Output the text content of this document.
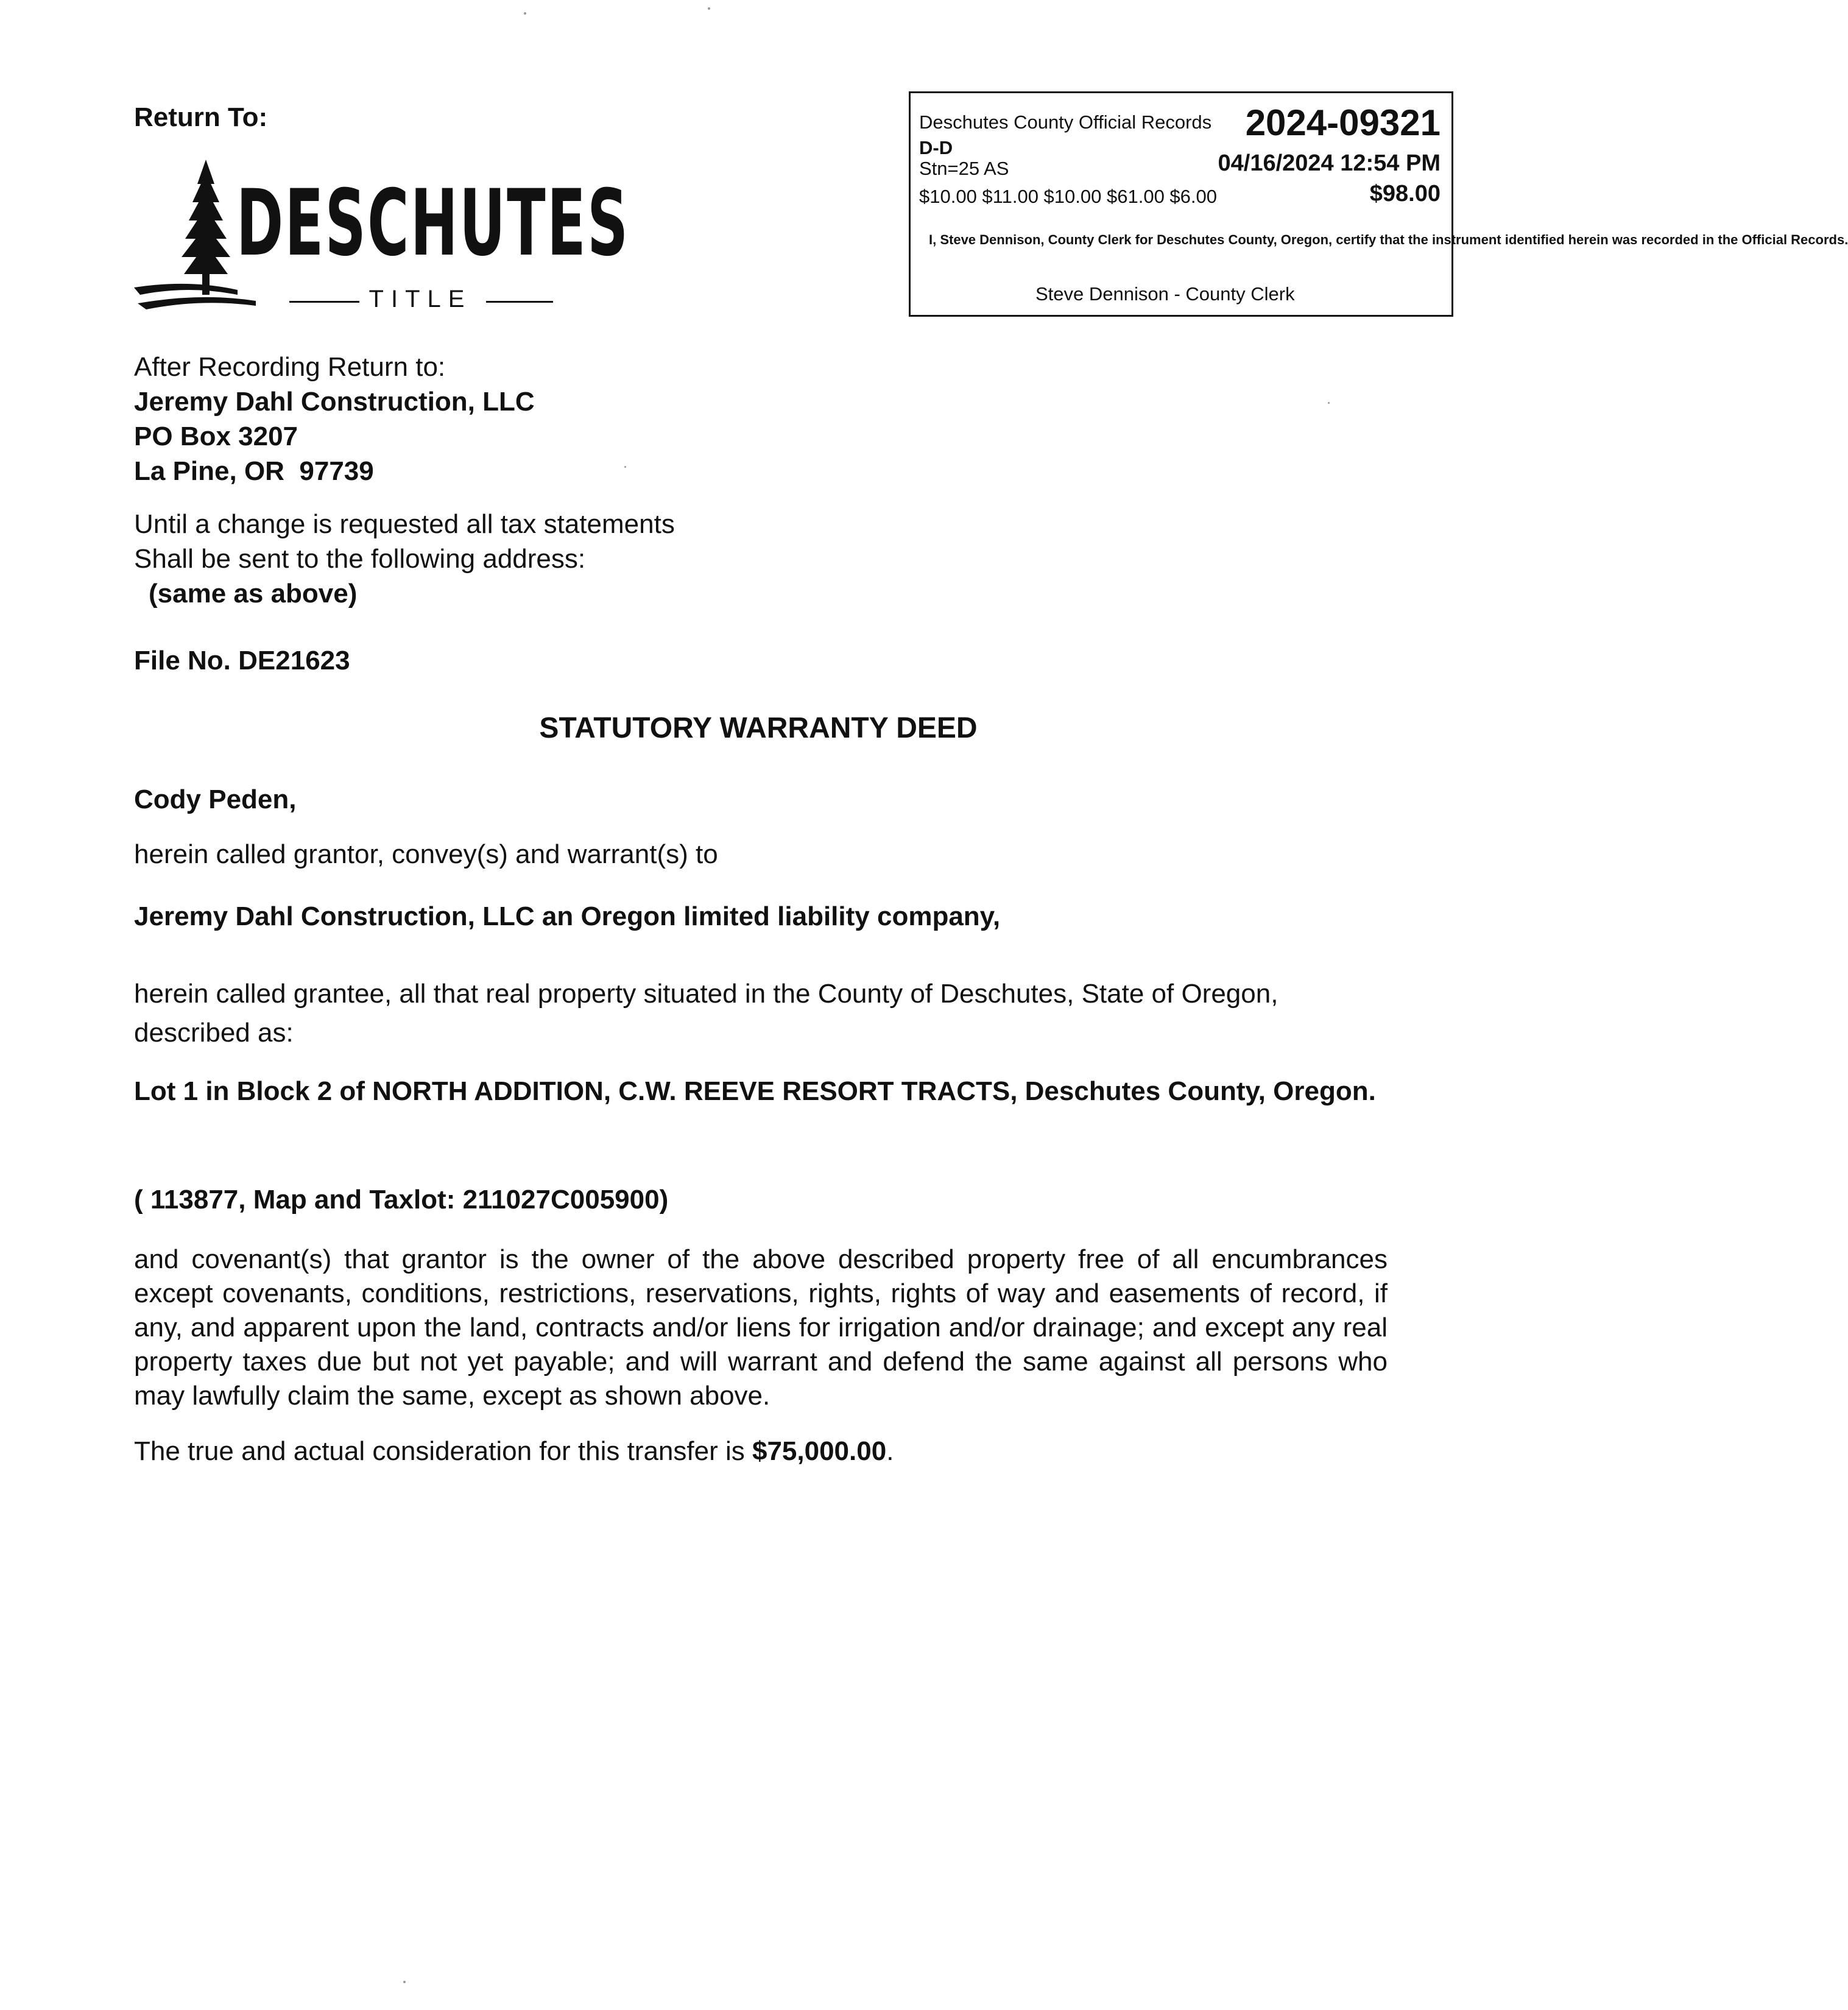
Return To:
DESCHUTES
TITLE
Deschutes County Official Records 2024-09321
D-D
Stn=25 AS	04/16/2024 12:54 PM
$10.00 $11.00 $10.00 $61.00 $6.00	$98.00
I, Steve Dennison, County Clerk for Deschutes County, Oregon, certify that the instrument identified herein was recorded in the Official Records.
Steve Dennison - County Clerk
After Recording Return to:
Jeremy Dahl Construction, LLC
PO Box 3207
La Pine, OR  97739
Until a change is requested all tax statements
Shall be sent to the following address:
(same as above)
File No. DE21623
STATUTORY WARRANTY DEED
Cody Peden,
herein called grantor, convey(s) and warrant(s) to
Jeremy Dahl Construction, LLC an Oregon limited liability company,
herein called grantee, all that real property situated in the County of Deschutes, State of Oregon, described as:
Lot 1 in Block 2 of NORTH ADDITION, C.W. REEVE RESORT TRACTS, Deschutes County, Oregon.
( 113877, Map and Taxlot: 211027C005900)
and covenant(s) that grantor is the owner of the above described property free of all encumbrances except covenants, conditions, restrictions, reservations, rights, rights of way and easements of record, if any, and apparent upon the land, contracts and/or liens for irrigation and/or drainage; and except any real property taxes due but not yet payable; and will warrant and defend the same against all persons who may lawfully claim the same, except as shown above.
The true and actual consideration for this transfer is $75,000.00.
